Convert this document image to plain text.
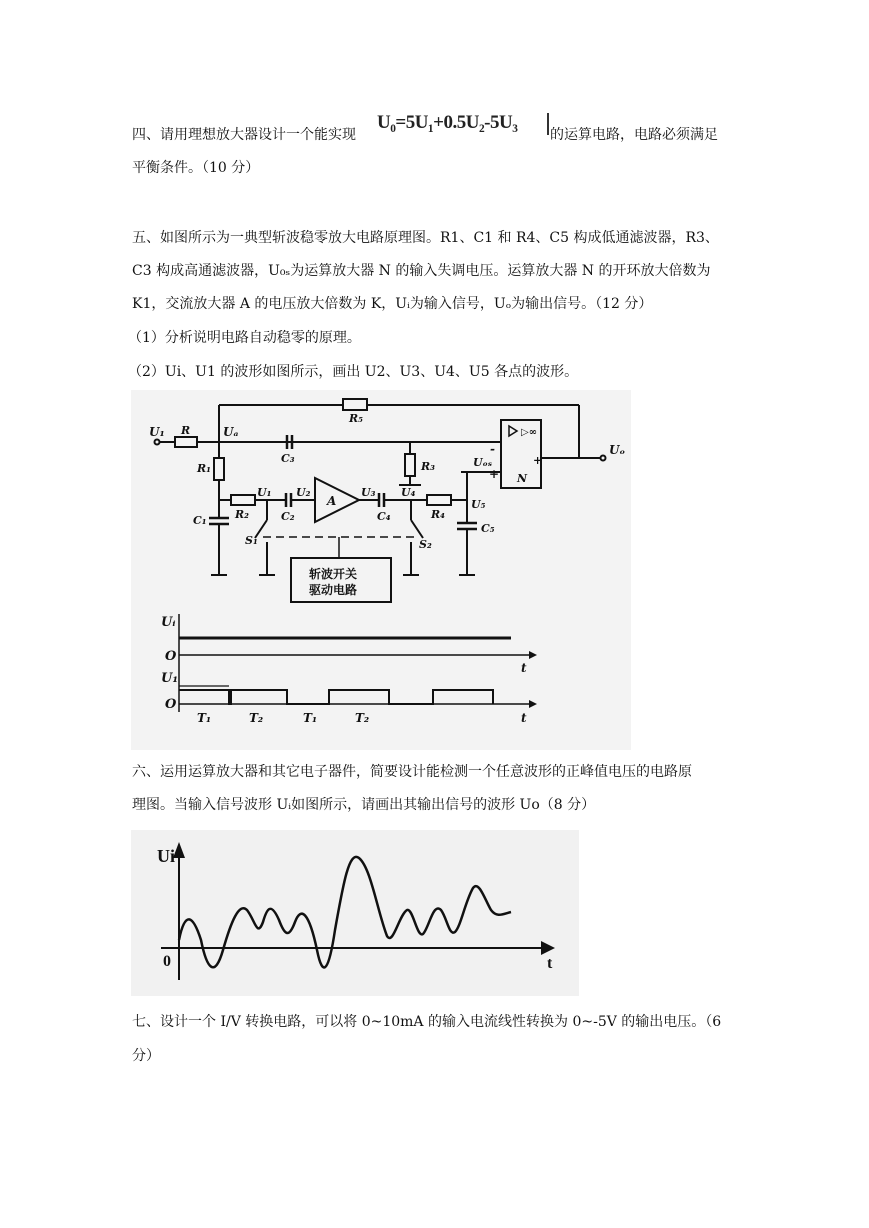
四、请用理想放大器设计一个能实现
U₀=5U₁+0.5U₂-5U₃
的运算电路，电路必须满足
平衡条件。（10 分）
五、如图所示为一典型斩波稳零放大电路原理图。R1、C1 和 R4、C5 构成低通滤波器，R3、
C3 构成高通滤波器，U₀ₛ为运算放大器 N 的输入失调电压。运算放大器 N 的开环放大倍数为
K1，交流放大器 A 的电压放大倍数为 K，Uᵢ为输入信号，Uₒ为输出信号。（12 分）
（1）分析说明电路自动稳零的原理。
（2）Ui、U1 的波形如图所示，画出 U2、U3、U4、U5 各点的波形。
U₁ R	Uₐ
R₅
C₃
R₁	R₃	Uₒₛ
Uₒ
N
▷∞
-
+
+
U₁ U₂	U₃ U₄
U₅
R₂	C₂
A
C₄	R₄
C₅
C₁
S₁	S₂
斩波开关
驱动电路
Uᵢ
O
t
U₁
O
t
T₁	T₂	T₁	T₂
六、运用运算放大器和其它电子器件，简要设计能检测一个任意波形的正峰值电压的电路原
理图。当输入信号波形 Uᵢ如图所示，请画出其输出信号的波形 Uo（8 分）
Ui
0	t
七、设计一个 I/V 转换电路，可以将 0~10mA 的输入电流线性转换为 0~-5V 的输出电压。（6
分）
